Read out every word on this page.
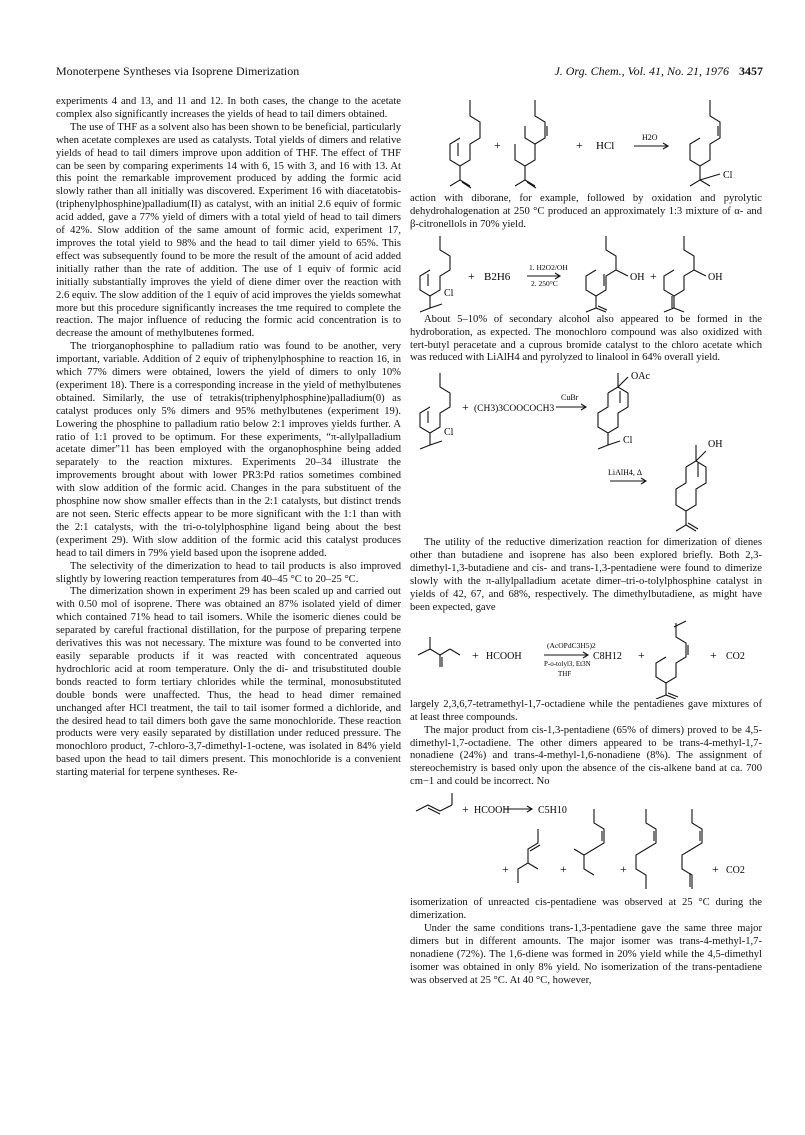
Monoterpene Syntheses via Isoprene Dimerization	J. Org. Chem., Vol. 41, No. 21, 1976 3457

experiments 4 and 13, and 11 and 12. In both cases, the change to the acetate complex also significantly increases the yields of head to tail dimers obtained.

The use of THF as a solvent also has been shown to be beneficial, particularly when acetate complexes are used as catalysts. Total yields of dimers and relative yields of head to tail dimers improve upon addition of THF. The effect of THF can be seen by comparing experiments 14 with 6, 15 with 3, and 16 with 13. At this point the remarkable improvement produced by adding the formic acid slowly rather than all initially was discovered. Experiment 16 with diacetatobis-(triphenylphosphine)palladium(II) as catalyst, with an initial 2.6 equiv of formic acid added, gave a 77% yield of dimers with a total yield of head to tail dimers of 42%. Slow addition of the same amount of formic acid, experiment 17, improves the total yield to 98% and the head to tail dimer yield to 65%. This effect was subsequently found to be more the result of the amount of acid added initially rather than the rate of addition. The use of 1 equiv of formic acid initially substantially improves the yield of diene dimer over the reaction with 2.6 equiv. The slow addition of the 1 equiv of acid improves the yields somewhat more but this procedure significantly increases the tme required to complete the reaction. The major influence of reducing the formic acid concentration is to decrease the amount of methylbutenes formed.

The triorganophosphine to palladium ratio was found to be another, very important, variable. Addition of 2 equiv of triphenylphosphine to reaction 16, in which 77% dimers were obtained, lowers the yield of dimers to only 10% (experiment 18). There is a corresponding increase in the yield of methylbutenes obtained. Similarly, the use of tetrakis(triphenylphosphine)palladium(0) as catalyst produces only 5% dimers and 95% methylbutenes (experiment 19). Lowering the phosphine to palladium ratio below 2:1 improves yields further. A ratio of 1:1 proved to be optimum. For these experiments, “π-allylpalladium acetate dimer”11 has been employed with the organophosphine being added separately to the reaction mixtures. Experiments 20–34 illustrate the improvements brought about with lower PR3:Pd ratios sometimes combined with slow addition of the formic acid. Changes in the para substituent of the phosphine now show smaller effects than in the 2:1 catalysts, but distinct trends are not seen. Steric effects appear to be more significant with the 1:1 than with the 2:1 catalysts, with the tri-o-tolylphosphine ligand being about the best (experiment 29). With slow addition of the formic acid this catalyst produces head to tail dimers in 79% yield based upon the isoprene added.

The selectivity of the dimerization to head to tail products is also improved slightly by lowering reaction temperatures from 40–45 °C to 20–25 °C.

The dimerization shown in experiment 29 has been scaled up and carried out with 0.50 mol of isoprene. There was obtained an 87% isolated yield of dimer which contained 71% head to tail isomers. While the isomeric dienes could be separated by careful fractional distillation, for the purpose of preparing terpene derivatives this was not necessary. The mixture was found to be converted into easily separable products if it was reacted with concentrated aqueous hydrochloric acid at room temperature. Only the di- and trisubstituted double bonds reacted to form tertiary chlorides while the terminal, monosubstituted double bonds were unaffected. Thus, the head to head dimer remained unchanged after HCl treatment, the tail to tail isomer formed a dichloride, and the desired head to tail dimers both gave the same monochloride. These reaction products were very easily separated by distillation under reduced pressure. The monochloro product, 7-chloro-3,7-dimethyl-1-octene, was isolated in 84% yield based upon the head to tail dimers present. This monochloride is a convenient starting material for terpene syntheses. Re-

+	+ HCl
H2O
Cl

action with diborane, for example, followed by oxidation and pyrolytic dehydrohalogenation at 250 °C produced an approximately 1:3 mixture of α- and β-citronellols in 70% yield.

+ B2H6
1. H2O2/OH
2. 250°C
Cl
OH +	OH

About 5–10% of secondary alcohol also appeared to be formed in the hydroboration, as expected. The monochloro compound was also oxidized with tert-butyl peracetate and a cuprous bromide catalyst to the chloro acetate which was reduced with LiAlH4 and pyrolyzed to linalool in 64% overall yield.

+ (CH3)3COOCOCH3
CuBr
OAc
Cl
Cl
LiAlH4, Δ
OH

The utility of the reductive dimerization reaction for dimerization of dienes other than butadiene and isoprene has also been explored briefly. Both 2,3-dimethyl-1,3-butadiene and cis- and trans-1,3-pentadiene were found to dimerize slowly with the π-allylpalladium acetate dimer–tri-o-tolylphosphine catalyst in yields of 42, 67, and 68%, respectively. The dimethylbutadiene, as might have been expected, gave

+ HCOOH
(AcOPdC3H5)2
P-o-tolyl3, Et3N
THF
C8H12 +	+ CO2

largely 2,3,6,7-tetramethyl-1,7-octadiene while the pentadienes gave mixtures of at least three compounds.

The major product from cis-1,3-pentadiene (65% of dimers) proved to be 4,5-dimethyl-1,7-octadiene. The other dimers appeared to be trans-4-methyl-1,7-nonadiene (24%) and trans-4-methyl-1,6-nonadiene (8%). The assignment of stereochemistry is based only upon the absence of the cis-alkene band at ca. 700 cm−1 and could be incorrect. No

+ HCOOH	C5H10
+	+	+	+ CO2

isomerization of unreacted cis-pentadiene was observed at 25 °C during the dimerization.

Under the same conditions trans-1,3-pentadiene gave the same three major dimers but in different amounts. The major isomer was trans-4-methyl-1,7-nonadiene (72%). The 1,6-diene was formed in 20% yield while the 4,5-dimethyl isomer was obtained in only 8% yield. No isomerization of the trans-pentadiene was observed at 25 °C. At 40 °C, however,
